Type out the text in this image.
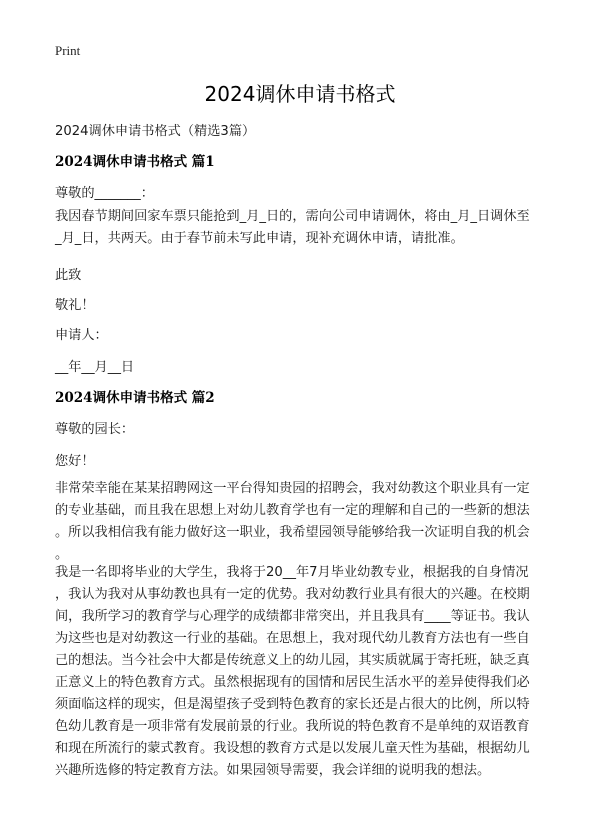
Print
2024调休申请书格式
2024调休申请书格式（精选3篇）
2024调休申请书格式 篇1
尊敬的_______：
我因春节期间回家车票只能抢到_月_日的，需向公司申请调休，将由_月_日调休至
_月_日，共两天。由于春节前未写此申请，现补充调休申请，请批准。
此致
敬礼！
申请人：
__年__月__日
2024调休申请书格式 篇2
尊敬的园长：
您好！
非常荣幸能在某某招聘网这一平台得知贵园的招聘会，我对幼教这个职业具有一定
的专业基础，而且我在思想上对幼儿教育学也有一定的理解和自己的一些新的想法
。所以我相信我有能力做好这一职业，我希望园领导能够给我一次证明自我的机会
。
我是一名即将毕业的大学生，我将于20__年7月毕业幼教专业，根据我的自身情况
，我认为我对从事幼教也具有一定的优势。我对幼教行业具有很大的兴趣。在校期
间，我所学习的教育学与心理学的成绩都非常突出，并且我具有____等证书。我认
为这些也是对幼教这一行业的基础。在思想上，我对现代幼儿教育方法也有一些自
己的想法。当今社会中大都是传统意义上的幼儿园，其实质就属于寄托班，缺乏真
正意义上的特色教育方式。虽然根据现有的国情和居民生活水平的差异使得我们必
须面临这样的现实，但是渴望孩子受到特色教育的家长还是占很大的比例，所以特
色幼儿教育是一项非常有发展前景的行业。我所说的特色教育不是单纯的双语教育
和现在所流行的蒙式教育。我设想的教育方式是以发展儿童天性为基础，根据幼儿
兴趣所选修的特定教育方法。如果园领导需要，我会详细的说明我的想法。
